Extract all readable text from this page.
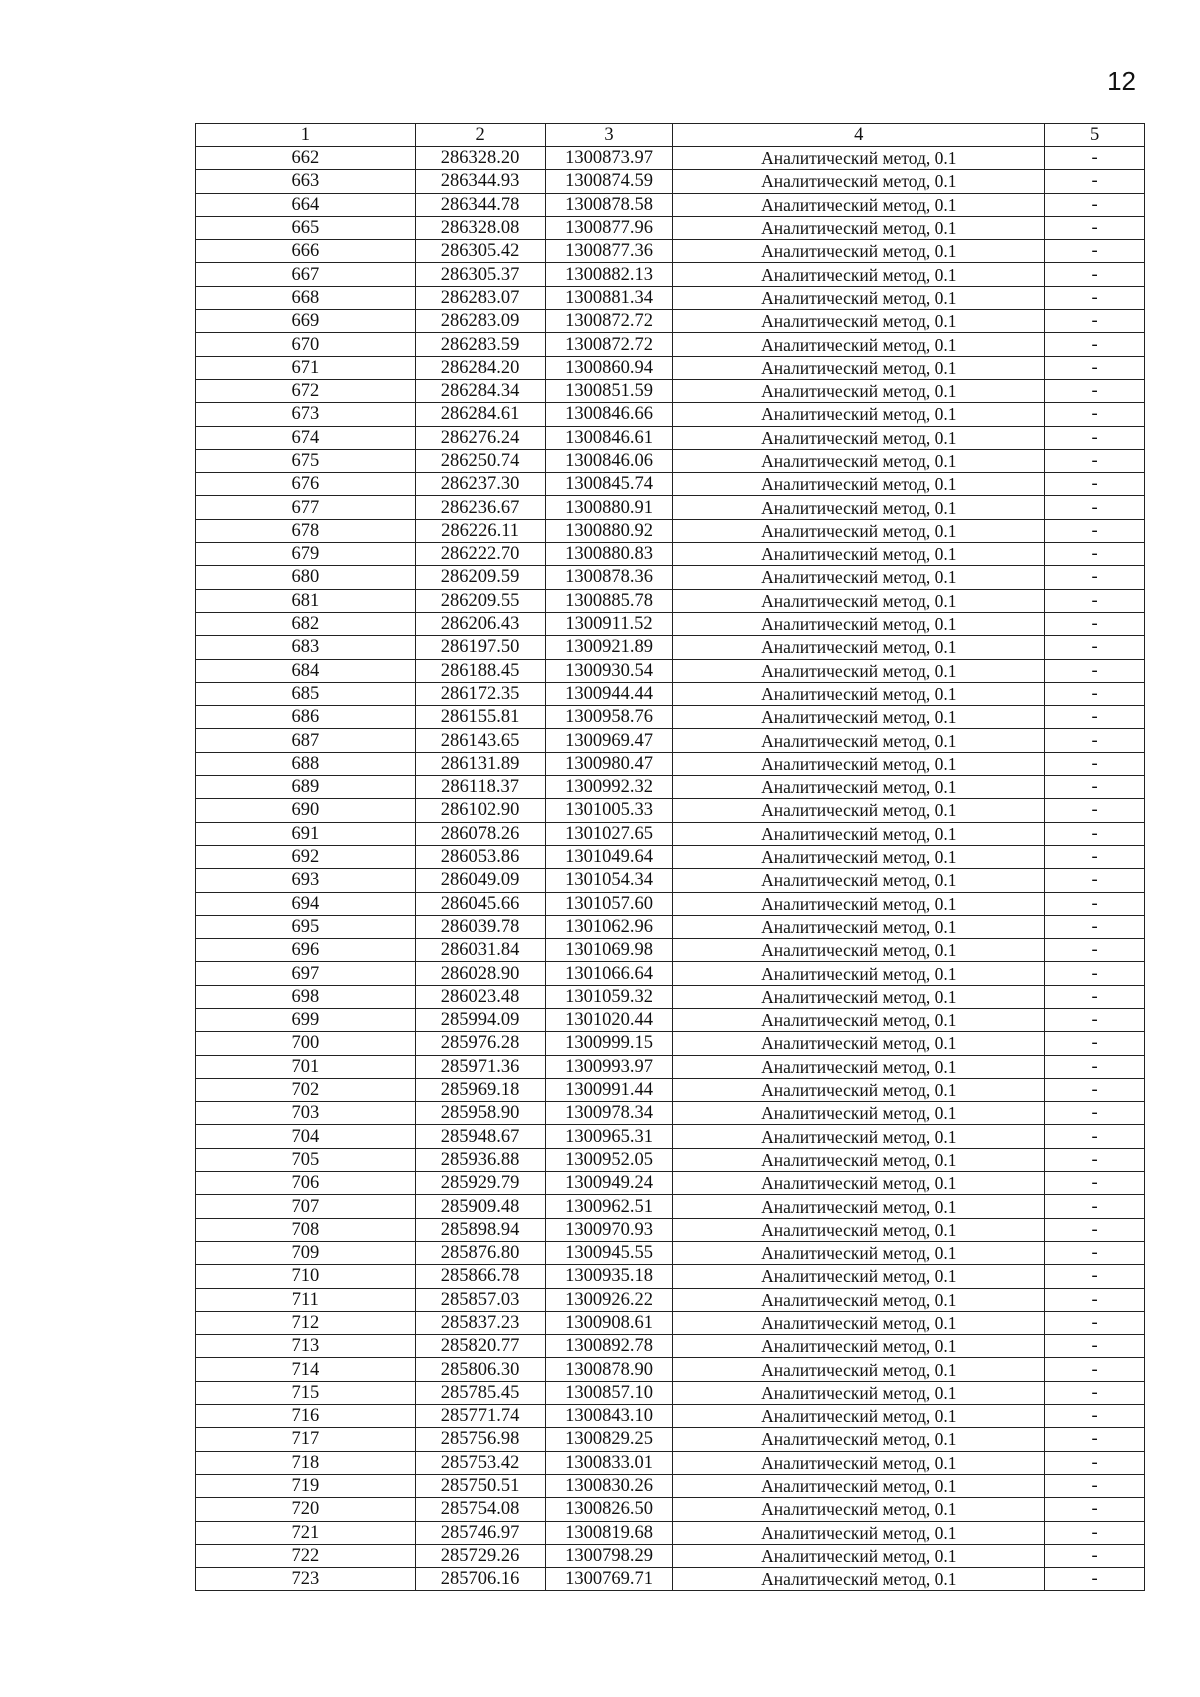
12
1	2	3	4	5
662	286328.20	1300873.97	Аналитический метод, 0.1	-
663	286344.93	1300874.59	Аналитический метод, 0.1	-
664	286344.78	1300878.58	Аналитический метод, 0.1	-
665	286328.08	1300877.96	Аналитический метод, 0.1	-
666	286305.42	1300877.36	Аналитический метод, 0.1	-
667	286305.37	1300882.13	Аналитический метод, 0.1	-
668	286283.07	1300881.34	Аналитический метод, 0.1	-
669	286283.09	1300872.72	Аналитический метод, 0.1	-
670	286283.59	1300872.72	Аналитический метод, 0.1	-
671	286284.20	1300860.94	Аналитический метод, 0.1	-
672	286284.34	1300851.59	Аналитический метод, 0.1	-
673	286284.61	1300846.66	Аналитический метод, 0.1	-
674	286276.24	1300846.61	Аналитический метод, 0.1	-
675	286250.74	1300846.06	Аналитический метод, 0.1	-
676	286237.30	1300845.74	Аналитический метод, 0.1	-
677	286236.67	1300880.91	Аналитический метод, 0.1	-
678	286226.11	1300880.92	Аналитический метод, 0.1	-
679	286222.70	1300880.83	Аналитический метод, 0.1	-
680	286209.59	1300878.36	Аналитический метод, 0.1	-
681	286209.55	1300885.78	Аналитический метод, 0.1	-
682	286206.43	1300911.52	Аналитический метод, 0.1	-
683	286197.50	1300921.89	Аналитический метод, 0.1	-
684	286188.45	1300930.54	Аналитический метод, 0.1	-
685	286172.35	1300944.44	Аналитический метод, 0.1	-
686	286155.81	1300958.76	Аналитический метод, 0.1	-
687	286143.65	1300969.47	Аналитический метод, 0.1	-
688	286131.89	1300980.47	Аналитический метод, 0.1	-
689	286118.37	1300992.32	Аналитический метод, 0.1	-
690	286102.90	1301005.33	Аналитический метод, 0.1	-
691	286078.26	1301027.65	Аналитический метод, 0.1	-
692	286053.86	1301049.64	Аналитический метод, 0.1	-
693	286049.09	1301054.34	Аналитический метод, 0.1	-
694	286045.66	1301057.60	Аналитический метод, 0.1	-
695	286039.78	1301062.96	Аналитический метод, 0.1	-
696	286031.84	1301069.98	Аналитический метод, 0.1	-
697	286028.90	1301066.64	Аналитический метод, 0.1	-
698	286023.48	1301059.32	Аналитический метод, 0.1	-
699	285994.09	1301020.44	Аналитический метод, 0.1	-
700	285976.28	1300999.15	Аналитический метод, 0.1	-
701	285971.36	1300993.97	Аналитический метод, 0.1	-
702	285969.18	1300991.44	Аналитический метод, 0.1	-
703	285958.90	1300978.34	Аналитический метод, 0.1	-
704	285948.67	1300965.31	Аналитический метод, 0.1	-
705	285936.88	1300952.05	Аналитический метод, 0.1	-
706	285929.79	1300949.24	Аналитический метод, 0.1	-
707	285909.48	1300962.51	Аналитический метод, 0.1	-
708	285898.94	1300970.93	Аналитический метод, 0.1	-
709	285876.80	1300945.55	Аналитический метод, 0.1	-
710	285866.78	1300935.18	Аналитический метод, 0.1	-
711	285857.03	1300926.22	Аналитический метод, 0.1	-
712	285837.23	1300908.61	Аналитический метод, 0.1	-
713	285820.77	1300892.78	Аналитический метод, 0.1	-
714	285806.30	1300878.90	Аналитический метод, 0.1	-
715	285785.45	1300857.10	Аналитический метод, 0.1	-
716	285771.74	1300843.10	Аналитический метод, 0.1	-
717	285756.98	1300829.25	Аналитический метод, 0.1	-
718	285753.42	1300833.01	Аналитический метод, 0.1	-
719	285750.51	1300830.26	Аналитический метод, 0.1	-
720	285754.08	1300826.50	Аналитический метод, 0.1	-
721	285746.97	1300819.68	Аналитический метод, 0.1	-
722	285729.26	1300798.29	Аналитический метод, 0.1	-
723	285706.16	1300769.71	Аналитический метод, 0.1	-
